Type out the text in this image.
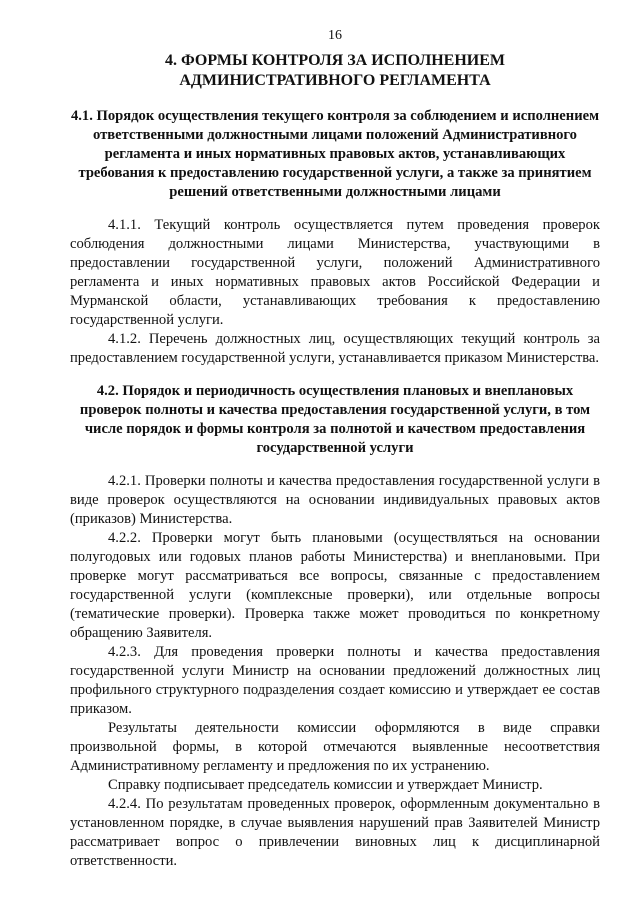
16
4. ФОРМЫ КОНТРОЛЯ ЗА ИСПОЛНЕНИЕМ АДМИНИСТРАТИВНОГО РЕГЛАМЕНТА
4.1. Порядок осуществления текущего контроля за соблюдением и исполнением ответственными должностными лицами положений Административного регламента и иных нормативных правовых актов, устанавливающих требования к предоставлению государственной услуги, а также за принятием решений ответственными должностными лицами

4.1.1. Текущий контроль осуществляется путем проведения проверок соблюдения должностными лицами Министерства, участвующими в предоставлении государственной услуги, положений Административного регламента и иных нормативных правовых актов Российской Федерации и Мурманской области, устанавливающих требования к предоставлению государственной услуги.

4.1.2. Перечень должностных лиц, осуществляющих текущий контроль за предоставлением государственной услуги, устанавливается приказом Министерства.

4.2. Порядок и периодичность осуществления плановых и внеплановых проверок полноты и качества предоставления государственной услуги, в том числе порядок и формы контроля за полнотой и качеством предоставления государственной услуги

4.2.1. Проверки полноты и качества предоставления государственной услуги в виде проверок осуществляются на основании индивидуальных правовых актов (приказов) Министерства.

4.2.2. Проверки могут быть плановыми (осуществляться на основании полугодовых или годовых планов работы Министерства) и внеплановыми. При проверке могут рассматриваться все вопросы, связанные с предоставлением государственной услуги (комплексные проверки), или отдельные вопросы (тематические проверки). Проверка также может проводиться по конкретному обращению Заявителя.

4.2.3. Для проведения проверки полноты и качества предоставления государственной услуги Министр на основании предложений должностных лиц профильного структурного подразделения создает комиссию и утверждает ее состав приказом.

Результаты деятельности комиссии оформляются в виде справки произвольной формы, в которой отмечаются выявленные несоответствия Административному регламенту и предложения по их устранению.

Справку подписывает председатель комиссии и утверждает Министр.

4.2.4. По результатам проведенных проверок, оформленным документально в установленном порядке, в случае выявления нарушений прав Заявителей Министр рассматривает вопрос о привлечении виновных лиц к дисциплинарной ответственности.
